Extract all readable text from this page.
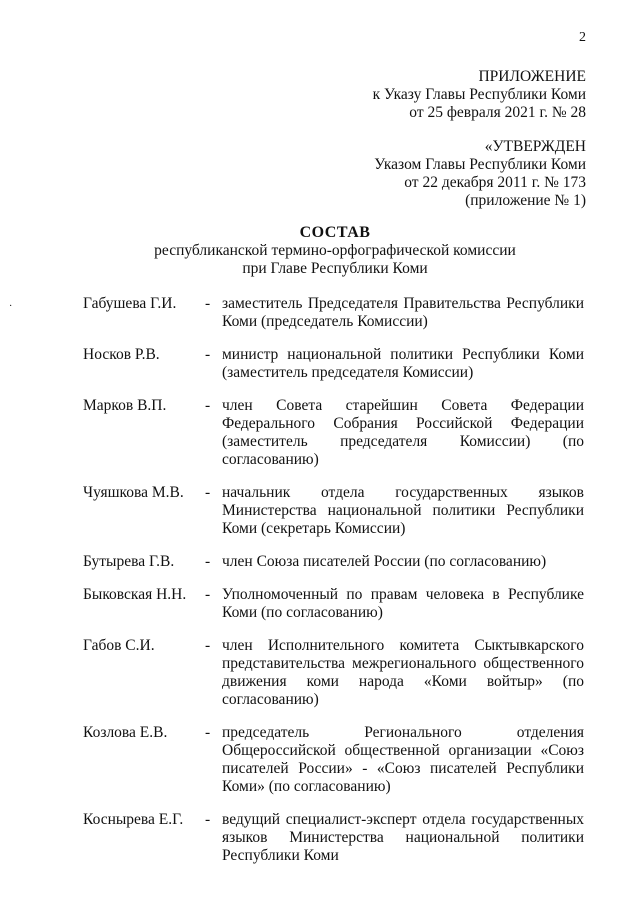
2
·
ПРИЛОЖЕНИЕ
к Указу Главы Республики Коми
от 25 февраля 2021 г. № 28
«УТВЕРЖДЕН
Указом Главы Республики Коми
от 22 декабря 2011 г. № 173
(приложение № 1)
СОСТАВ
республиканской термино-орфографической комиссии
при Главе Республики Коми
Габушева Г.И.	- заместитель Председателя Правительства Республики Коми (председатель Комиссии)
Носков Р.В.	- министр национальной политики Республики Коми (заместитель председателя Комиссии)
Марков В.П.	- член Совета старейшин Совета Федерации Федерального Собрания Российской Федерации (заместитель председателя Комиссии) (по согласованию)
Чуяшкова М.В.	- начальник отдела государственных языков Министерства национальной политики Республики Коми (секретарь Комиссии)
Бутырева Г.В.	- член Союза писателей России (по согласованию)
Быковская Н.Н.	- Уполномоченный по правам человека в Республике Коми (по согласованию)
Габов С.И.	- член Исполнительного комитета Сыктывкарского представительства межрегионального общественного движения коми народа «Коми войтыр» (по согласованию)
Козлова Е.В.	- председатель Регионального отделения Общероссийской общественной организации «Союз писателей России» - «Союз писателей Республики Коми» (по согласованию)
Коснырева Е.Г.	- ведущий специалист-эксперт отдела государственных языков Министерства национальной политики Республики Коми
